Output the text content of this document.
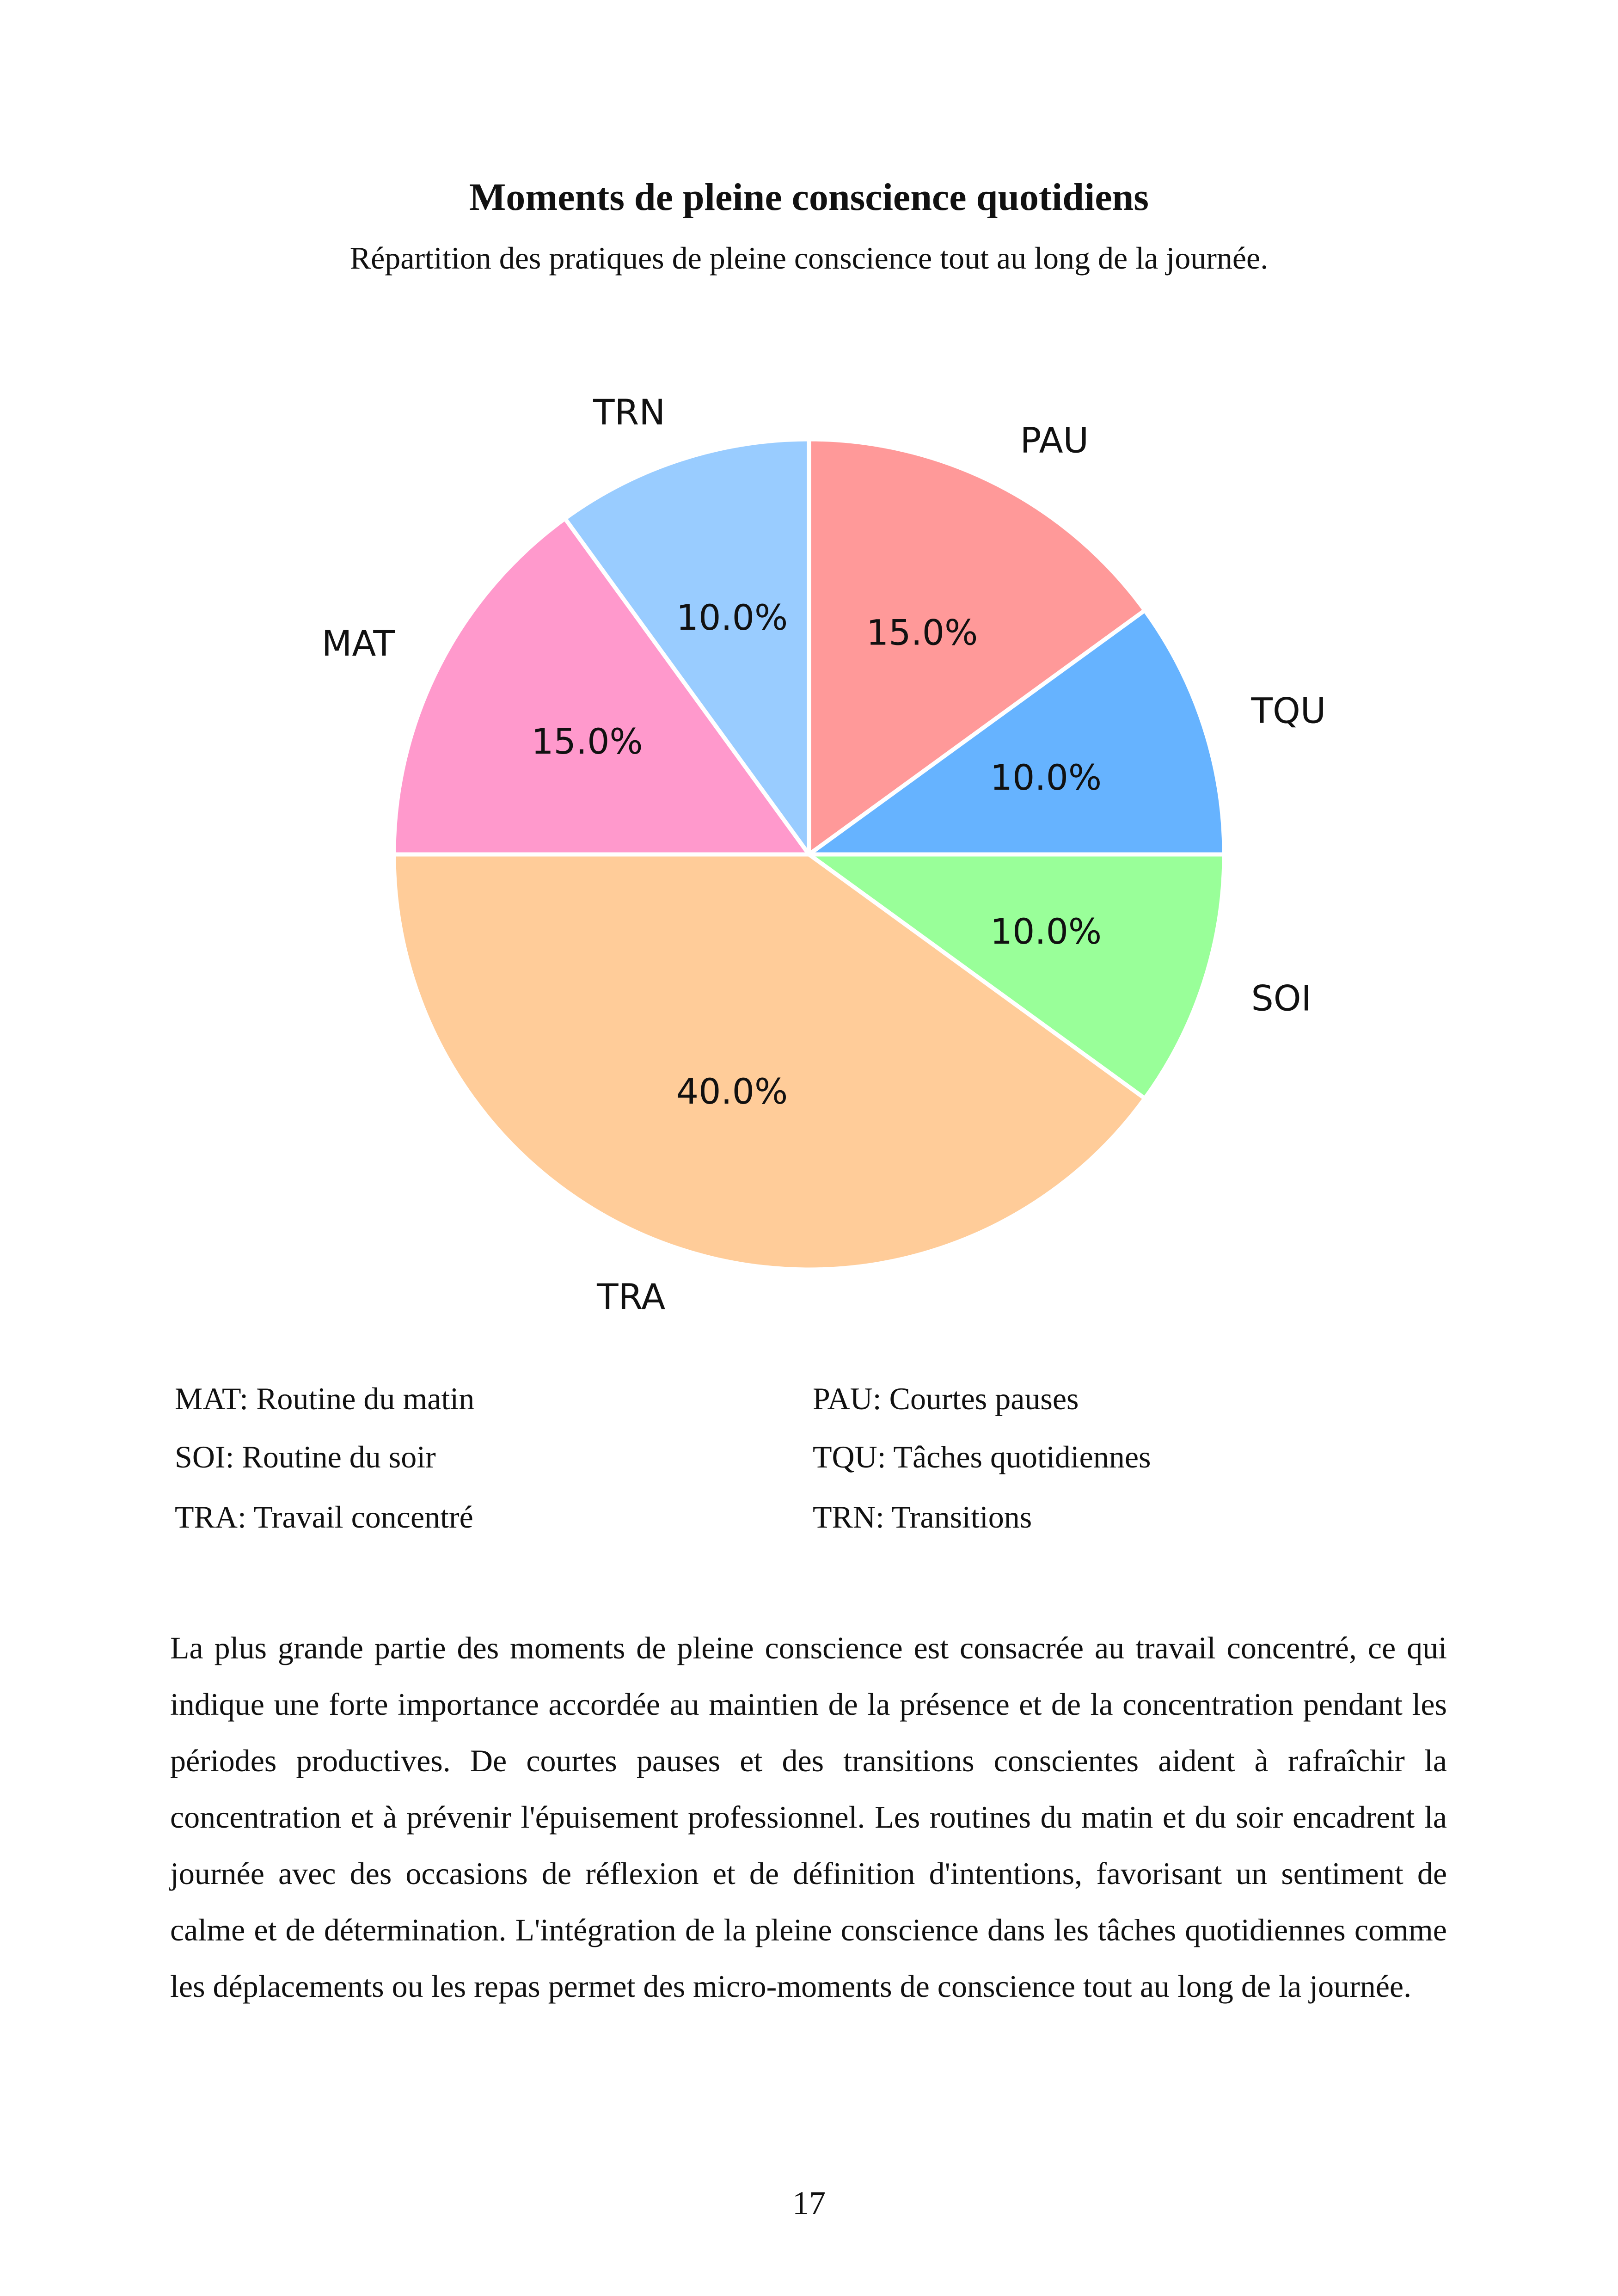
Moments de pleine conscience quotidiens
Répartition des pratiques de pleine conscience tout au long de la journée.
15.0%
PAU
10.0%
TQU
10.0%
SOI
40.0%
TRA
15.0%
MAT
10.0%
TRN
MAT: Routine du matin	PAU: Courtes pauses
SOI: Routine du soir	TQU: Tâches quotidiennes
TRA: Travail concentré	TRN: Transitions

La plus grande partie des moments de pleine conscience est consacrée au travail concentré, ce qui indique une forte importance accordée au maintien de la présence et de la concentration pendant les périodes productives. De courtes pauses et des transitions conscientes aident à rafraîchir la concentration et à prévenir l'épuisement professionnel. Les routines du matin et du soir encadrent la journée avec des occasions de réflexion et de définition d'intentions, favorisant un sentiment de calme et de détermination. L'intégration de la pleine conscience dans les tâches quotidiennes comme les déplacements ou les repas permet des micro-moments de conscience tout au long de la journée.

17
